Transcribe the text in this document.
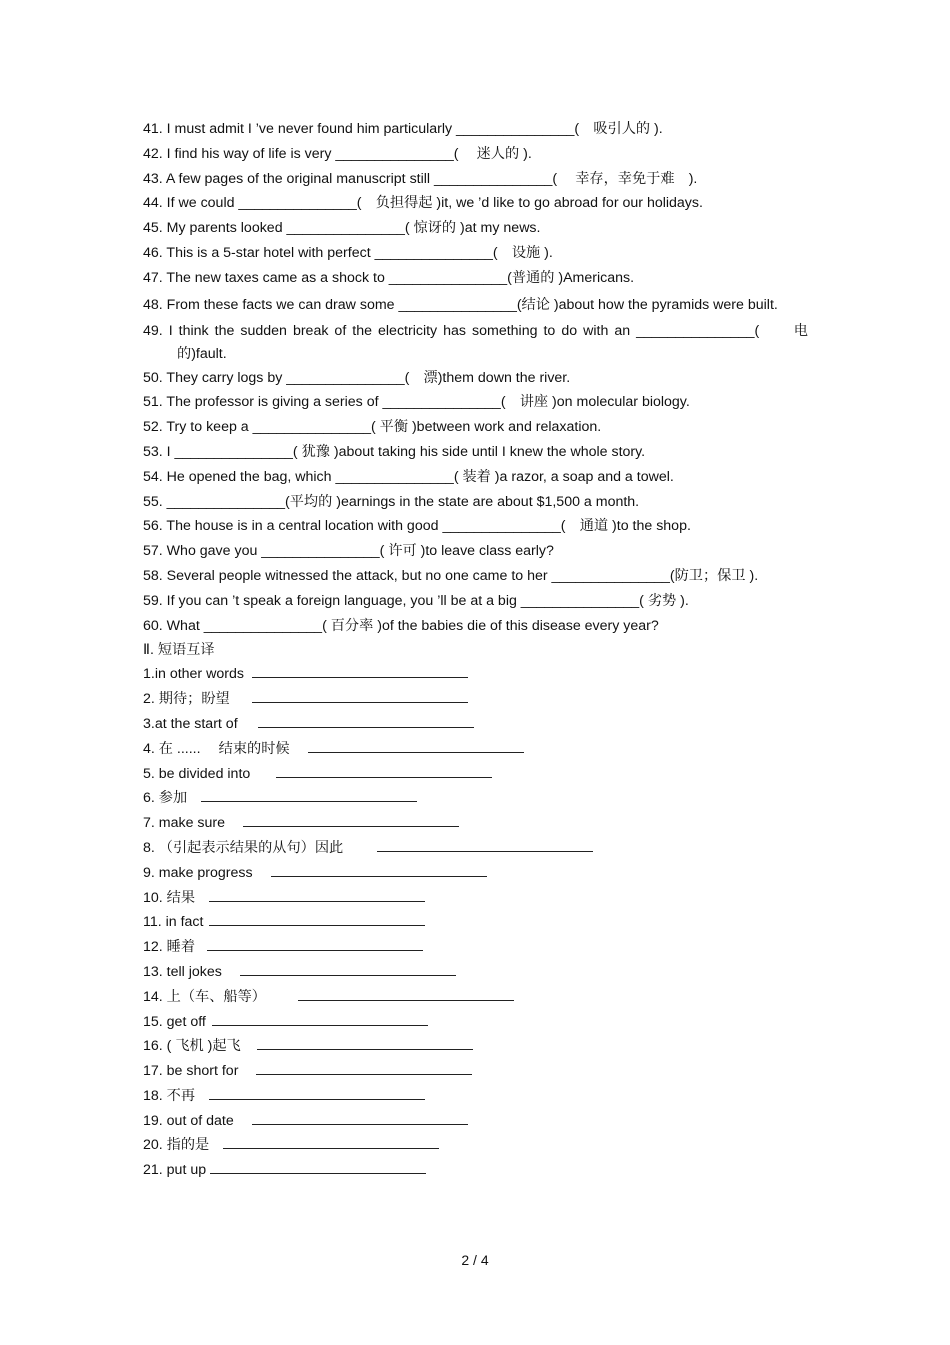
41. I must admit I ’ve never found him particularly _______________(　吸引人的 ).
42. I find his way of life is very _______________(　 迷人的 ).
43. A few pages of the original manuscript still _______________(　 幸存，幸免于难　).
44. If we could _______________(　负担得起 )it, we ’d like to go abroad for our holidays.
45. My parents looked _______________( 惊讶的 )at my news.
46. This is a 5-star hotel with perfect _______________(　设施 ).
47. The new taxes came as a shock to _______________(普通的 )Americans.
48. From these facts we can draw some _______________(结论 )about how the pyramids were built.
49. I think the sudden break of the electricity has something to do with an _______________(　　电的)fault.
50. They carry logs by _______________(　漂)them down the river.
51. The professor is giving a series of _______________(　讲座 )on molecular biology.
52. Try to keep a _______________( 平衡 )between work and relaxation.
53. I _______________( 犹豫 )about taking his side until I knew the whole story.
54. He opened the bag, which _______________( 装着 )a razor, a soap and a towel.
55. _______________(平均的 )earnings in the state are about $1,500 a month.
56. The house is in a central location with good _______________(　通道 )to the shop.
57. Who gave you _______________( 许可 )to leave class early?
58. Several people witnessed the attack, but no one came to her _______________(防卫；保卫 ).
59. If you can ’t speak a foreign language, you ’ll be at a big _______________( 劣势 ).
60. What _______________( 百分率 )of the babies die of this disease every year?
Ⅱ. 短语互译
1.in other words
2. 期待；盼望
3.at the start of
4. 在 ......　 结束的时候
5. be divided into
6. 参加
7. make sure
8. （引起表示结果的从句）因此
9. make progress
10. 结果
11. in fact
12. 睡着
13. tell jokes
14. 上（车、船等）
15. get off
16. ( 飞机 )起飞
17. be short for
18. 不再
19. out of date
20. 指的是
21. put up
2 / 4
